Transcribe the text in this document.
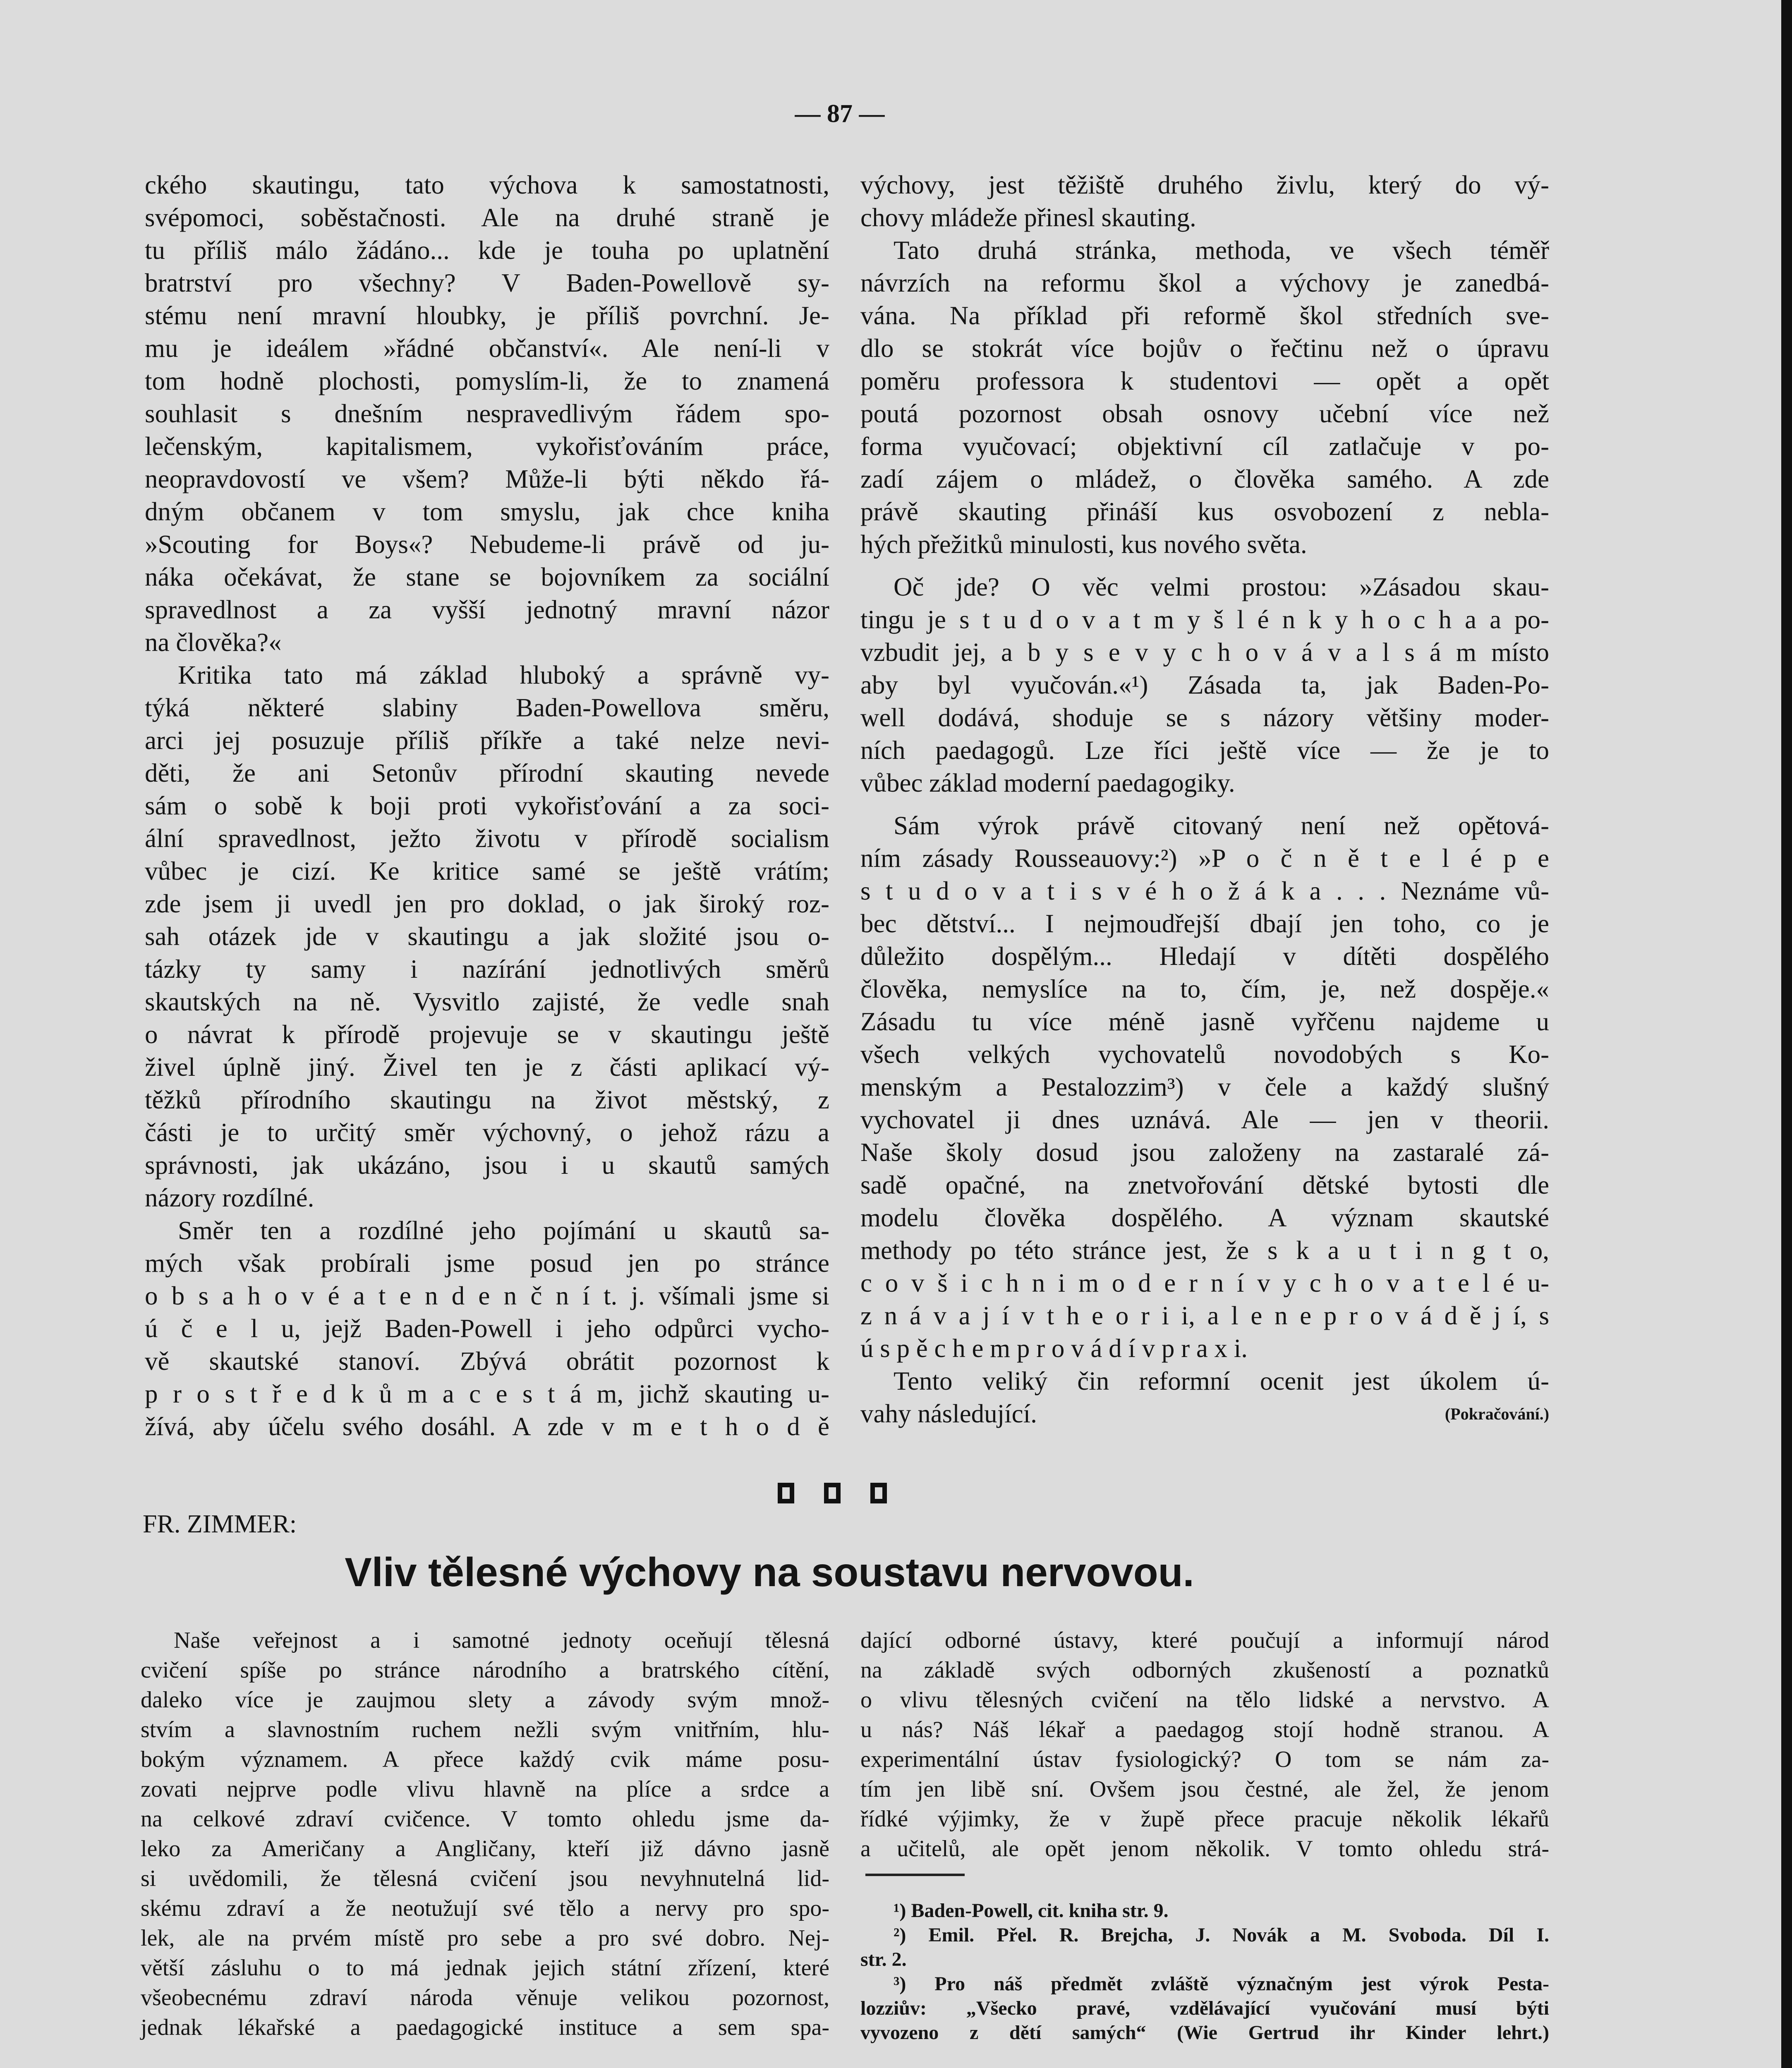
— 87 —
ckého skautingu, tato výchova k samostatnosti,
svépomoci, soběstačnosti. Ale na druhé straně je
tu příliš málo žádáno... kde je touha po uplatnění
bratrství pro všechny? V Baden-Powellově sy-
stému není mravní hloubky, je příliš povrchní. Je-
mu je ideálem »řádné občanství«. Ale není-li v
tom hodně plochosti, pomyslím-li, že to znamená
souhlasit s dnešním nespravedlivým řádem spo-
lečenským, kapitalismem, vykořisťováním práce,
neopravdovostí ve všem? Může-li býti někdo řá-
dným občanem v tom smyslu, jak chce kniha
»Scouting for Boys«? Nebudeme-li právě od ju-
náka očekávat, že stane se bojovníkem za sociální
spravedlnost a za vyšší jednotný mravní názor
na člověka?«
Kritika tato má základ hluboký a správně vy-
týká některé slabiny Baden-Powellova směru,
arci jej posuzuje příliš příkře a také nelze nevi-
děti, že ani Setonův přírodní skauting nevede
sám o sobě k boji proti vykořisťování a za soci-
ální spravedlnost, ježto životu v přírodě socialism
vůbec je cizí. Ke kritice samé se ještě vrátím;
zde jsem ji uvedl jen pro doklad, o jak široký roz-
sah otázek jde v skautingu a jak složité jsou o-
tázky ty samy i nazírání jednotlivých směrů
skautských na ně. Vysvitlo zajisté, že vedle snah
o návrat k přírodě projevuje se v skautingu ještě
živel úplně jiný. Živel ten je z části aplikací vý-
těžků přírodního skautingu na život městský, z
části je to určitý směr výchovný, o jehož rázu a
správnosti, jak ukázáno, jsou i u skautů samých
názory rozdílné.
Směr ten a rozdílné jeho pojímání u skautů sa-
mých však probírali jsme posud jen po stránce
o b s a h o v é a t e n d e n č n í t. j. všímali jsme si
ú č e l u, jejž Baden-Powell i jeho odpůrci vycho-
vě skautské stanoví. Zbývá obrátit pozornost k
p r o s t ř e d k ů m a c e s t á m, jichž skauting u-
žívá, aby účelu svého dosáhl. A zde v m e t h o d ě
výchovy, jest těžiště druhého živlu, který do vý-
chovy mládeže přinesl skauting.
Tato druhá stránka, methoda, ve všech téměř
návrzích na reformu škol a výchovy je zanedbá-
vána. Na příklad při reformě škol středních sve-
dlo se stokrát více bojův o řečtinu než o úpravu
poměru professora k studentovi — opět a opět
poutá pozornost obsah osnovy učební více než
forma vyučovací; objektivní cíl zatlačuje v po-
zadí zájem o mládež, o člověka samého. A zde
právě skauting přináší kus osvobození z nebla-
hých přežitků minulosti, kus nového světa.
Oč jde? O věc velmi prostou: »Zásadou skau-
tingu je s t u d o v a t m y š l é n k y h o c h a a po-
vzbudit jej, a b y s e v y c h o v á v a l s á m místo
aby byl vyučován.«¹) Zásada ta, jak Baden-Po-
well dodává, shoduje se s názory většiny moder-
ních paedagogů. Lze říci ještě více — že je to
vůbec základ moderní paedagogiky.
Sám výrok právě citovaný není než opětová-
ním zásady Rousseauovy:²) »P o č n ě t e l é p e
s t u d o v a t i s v é h o ž á k a . . . Neznáme vů-
bec dětství... I nejmoudřejší dbají jen toho, co je
důležito dospělým... Hledají v dítěti dospělého
člověka, nemyslíce na to, čím, je, než dospěje.«
Zásadu tu více méně jasně vyřčenu najdeme u
všech velkých vychovatelů novodobých s Ko-
menským a Pestalozzim³) v čele a každý slušný
vychovatel ji dnes uznává. Ale — jen v theorii.
Naše školy dosud jsou založeny na zastaralé zá-
sadě opačné, na znetvořování dětské bytosti dle
modelu člověka dospělého. A význam skautské
methody po této stránce jest, že s k a u t i n g t o,
c o v š i c h n i m o d e r n í v y c h o v a t e l é u-
z n á v a j í v t h e o r i i, a l e n e p r o v á d ě j í, s
ú s p ě c h e m p r o v á d í v p r a x i.
Tento veliký čin reformní ocenit jest úkolem ú-
vahy následující.	(Pokračování.)
FR. ZIMMER:
Vliv tělesné výchovy na soustavu nervovou.
Naše veřejnost a i samotné jednoty oceňují tělesná
cvičení spíše po stránce národního a bratrského cítění,
daleko více je zaujmou slety a závody svým množ-
stvím a slavnostním ruchem nežli svým vnitřním, hlu-
bokým významem. A přece každý cvik máme posu-
zovati nejprve podle vlivu hlavně na plíce a srdce a
na celkové zdraví cvičence. V tomto ohledu jsme da-
leko za Američany a Angličany, kteří již dávno jasně
si uvědomili, že tělesná cvičení jsou nevyhnutelná lid-
skému zdraví a že neotužují své tělo a nervy pro spo-
lek, ale na prvém místě pro sebe a pro své dobro. Nej-
větší zásluhu o to má jednak jejich státní zřízení, které
všeobecnému zdraví národa věnuje velikou pozornost,
jednak lékařské a paedagogické instituce a sem spa-
dající odborné ústavy, které poučují a informují národ
na základě svých odborných zkušeností a poznatků
o vlivu tělesných cvičení na tělo lidské a nervstvo. A
u nás? Náš lékař a paedagog stojí hodně stranou. A
experimentální ústav fysiologický? O tom se nám za-
tím jen libě sní. Ovšem jsou čestné, ale žel, že jenom
řídké výjimky, že v župě přece pracuje několik lékařů
a učitelů, ale opět jenom několik. V tomto ohledu strá-
¹) Baden-Powell, cit. kniha str. 9.
²) Emil. Přel. R. Brejcha, J. Novák a M. Svoboda. Díl I.
str. 2.
³) Pro náš předmět zvláště význačným jest výrok Pesta-
lozziův: „Všecko pravé, vzdělávající vyučování musí býti
vyvozeno z dětí samých“ (Wie Gertrud ihr Kinder lehrt.)
